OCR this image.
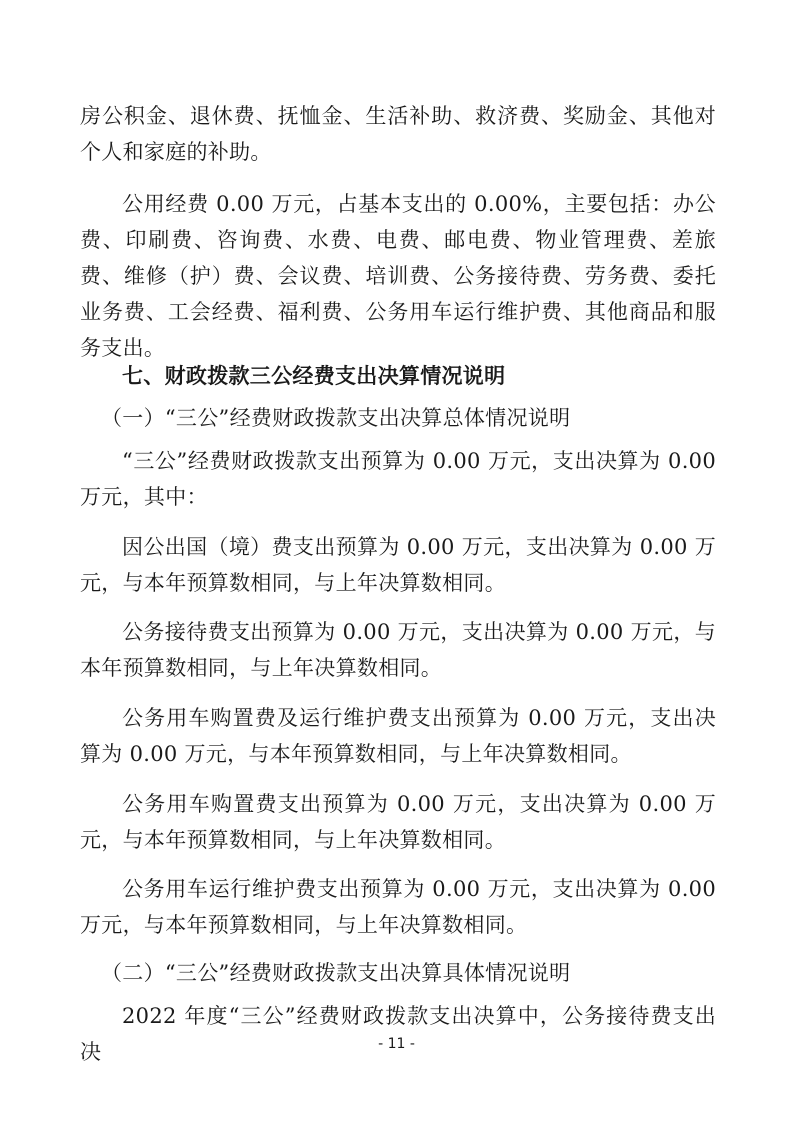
房公积金、退休费、抚恤金、生活补助、救济费、奖励金、其他对个人和家庭的补助。

公用经费 0.00 万元，占基本支出的 0.00%，主要包括：办公费、印刷费、咨询费、水费、电费、邮电费、物业管理费、差旅费、维修（护）费、会议费、培训费、公务接待费、劳务费、委托业务费、工会经费、福利费、公务用车运行维护费、其他商品和服务支出。

七、财政拨款三公经费支出决算情况说明

（一）“三公”经费财政拨款支出决算总体情况说明

“三公”经费财政拨款支出预算为 0.00 万元，支出决算为 0.00 万元，其中：

因公出国（境）费支出预算为 0.00 万元，支出决算为 0.00 万元，与本年预算数相同，与上年决算数相同。

公务接待费支出预算为 0.00 万元，支出决算为 0.00 万元，与本年预算数相同，与上年决算数相同。

公务用车购置费及运行维护费支出预算为 0.00 万元，支出决算为 0.00 万元，与本年预算数相同，与上年决算数相同。

公务用车购置费支出预算为 0.00 万元，支出决算为 0.00 万元，与本年预算数相同，与上年决算数相同。

公务用车运行维护费支出预算为 0.00 万元，支出决算为 0.00 万元，与本年预算数相同，与上年决算数相同。

（二）“三公”经费财政拨款支出决算具体情况说明

2022 年度“三公”经费财政拨款支出决算中，公务接待费支出决	- 11 -
